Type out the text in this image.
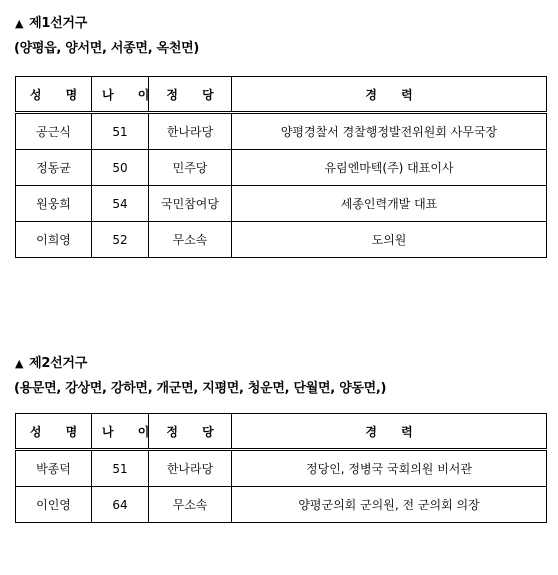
▲ 제1선거구
(양평읍, 양서면, 서종면, 옥천면)
성 명	나 이	정 당	경 력
공근식	51	한나라당	양평경찰서 경찰행정발전위원회 사무국장
정동균	50	민주당	유림엔마텍(주) 대표이사
원웅희	54	국민참여당	세종인력개발 대표
이희영	52	무소속	도의원
▲ 제2선거구
(용문면, 강상면, 강하면, 개군면, 지평면, 청운면, 단월면, 양동면,)
성 명	나 이	정 당	경 력
박종덕	51	한나라당	정당인, 정병국 국회의원 비서관
이인영	64	무소속	양평군의회 군의원, 전 군의회 의장
